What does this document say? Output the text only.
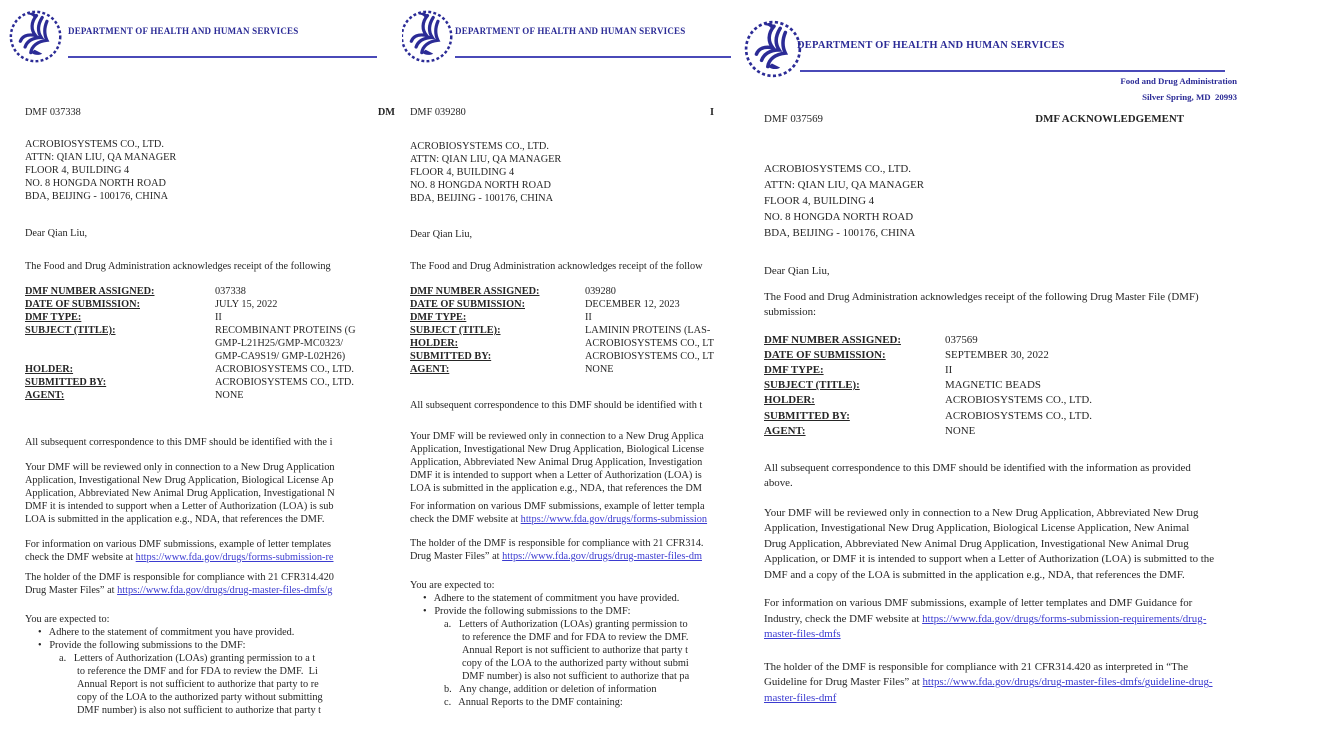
DEPARTMENT OF HEALTH AND HUMAN SERVICES
DMF 037338	DM
ACROBIOSYSTEMS CO., LTD.
ATTN: QIAN LIU, QA MANAGER
FLOOR 4, BUILDING 4
NO. 8 HONGDA NORTH ROAD
BDA, BEIJING - 100176, CHINA
Dear Qian Liu,
The Food and Drug Administration acknowledges receipt of the following
DMF NUMBER ASSIGNED:	037338
DATE OF SUBMISSION:	JULY 15, 2022
DMF TYPE:	II
SUBJECT (TITLE):	RECOMBINANT PROTEINS (G
GMP-L21H25/GMP-MC0323/
GMP-CA9S19/ GMP-L02H26)
HOLDER:	ACROBIOSYSTEMS CO., LTD.
SUBMITTED BY:	ACROBIOSYSTEMS CO., LTD.
AGENT:	NONE
All subsequent correspondence to this DMF should be identified with the i
Your DMF will be reviewed only in connection to a New Drug Application
Application, Investigational New Drug Application, Biological License Ap
Application, Abbreviated New Animal Drug Application, Investigational N
DMF it is intended to support when a Letter of Authorization (LOA) is sub
LOA is submitted in the application e.g., NDA, that references the DMF.
For information on various DMF submissions, example of letter templates
check the DMF website at https://www.fda.gov/drugs/forms-submission-re
The holder of the DMF is responsible for compliance with 21 CFR314.420
Drug Master Files” at https://www.fda.gov/drugs/drug-master-files-dmfs/g
You are expected to:
•   Adhere to the statement of commitment you have provided.
•   Provide the following submissions to the DMF:
a.   Letters of Authorization (LOAs) granting permission to a t
to reference the DMF and for FDA to review the DMF.  Li
Annual Report is not sufficient to authorize that party to re
copy of the LOA to the authorized party without submitting
DMF number) is also not sufficient to authorize that party t
DEPARTMENT OF HEALTH AND HUMAN SERVICES
DMF 039280	I
ACROBIOSYSTEMS CO., LTD.
ATTN: QIAN LIU, QA MANAGER
FLOOR 4, BUILDING 4
NO. 8 HONGDA NORTH ROAD
BDA, BEIJING - 100176, CHINA
Dear Qian Liu,
The Food and Drug Administration acknowledges receipt of the follow
DMF NUMBER ASSIGNED:	039280
DATE OF SUBMISSION:	DECEMBER 12, 2023
DMF TYPE:	II
SUBJECT (TITLE):	LAMININ PROTEINS (LAS-
HOLDER:	ACROBIOSYSTEMS CO., LT
SUBMITTED BY:	ACROBIOSYSTEMS CO., LT
AGENT:	NONE
All subsequent correspondence to this DMF should be identified with t
Your DMF will be reviewed only in connection to a New Drug Applica
Application, Investigational New Drug Application, Biological License
Application, Abbreviated New Animal Drug Application, Investigation
DMF it is intended to support when a Letter of Authorization (LOA) is
LOA is submitted in the application e.g., NDA, that references the DM
For information on various DMF submissions, example of letter templa
check the DMF website at https://www.fda.gov/drugs/forms-submission
The holder of the DMF is responsible for compliance with 21 CFR314.
Drug Master Files” at https://www.fda.gov/drugs/drug-master-files-dm
You are expected to:
•   Adhere to the statement of commitment you have provided.
•   Provide the following submissions to the DMF:
a.   Letters of Authorization (LOAs) granting permission to
to reference the DMF and for FDA to review the DMF.
Annual Report is not sufficient to authorize that party t
copy of the LOA to the authorized party without submi
DMF number) is also not sufficient to authorize that pa
b.   Any change, addition or deletion of information
c.   Annual Reports to the DMF containing:
DEPARTMENT OF HEALTH AND HUMAN SERVICES
Food and Drug Administration
Silver Spring, MD  20993
DMF 037569	DMF ACKNOWLEDGEMENT
ACROBIOSYSTEMS CO., LTD.
ATTN: QIAN LIU, QA MANAGER
FLOOR 4, BUILDING 4
NO. 8 HONGDA NORTH ROAD
BDA, BEIJING - 100176, CHINA
Dear Qian Liu,
The Food and Drug Administration acknowledges receipt of the following Drug Master File (DMF)
submission:
DMF NUMBER ASSIGNED:	037569
DATE OF SUBMISSION:	SEPTEMBER 30, 2022
DMF TYPE:	II
SUBJECT (TITLE):	MAGNETIC BEADS
HOLDER:	ACROBIOSYSTEMS CO., LTD.
SUBMITTED BY:	ACROBIOSYSTEMS CO., LTD.
AGENT:	NONE
All subsequent correspondence to this DMF should be identified with the information as provided
above.
Your DMF will be reviewed only in connection to a New Drug Application, Abbreviated New Drug
Application, Investigational New Drug Application, Biological License Application, New Animal
Drug Application, Abbreviated New Animal Drug Application, Investigational New Animal Drug
Application, or DMF it is intended to support when a Letter of Authorization (LOA) is submitted to the
DMF and a copy of the LOA is submitted in the application e.g., NDA, that references the DMF.
For information on various DMF submissions, example of letter templates and DMF Guidance for
Industry, check the DMF website at https://www.fda.gov/drugs/forms-submission-requirements/drug-
master-files-dmfs
The holder of the DMF is responsible for compliance with 21 CFR314.420 as interpreted in “The
Guideline for Drug Master Files” at https://www.fda.gov/drugs/drug-master-files-dmfs/guideline-drug-
master-files-dmf
